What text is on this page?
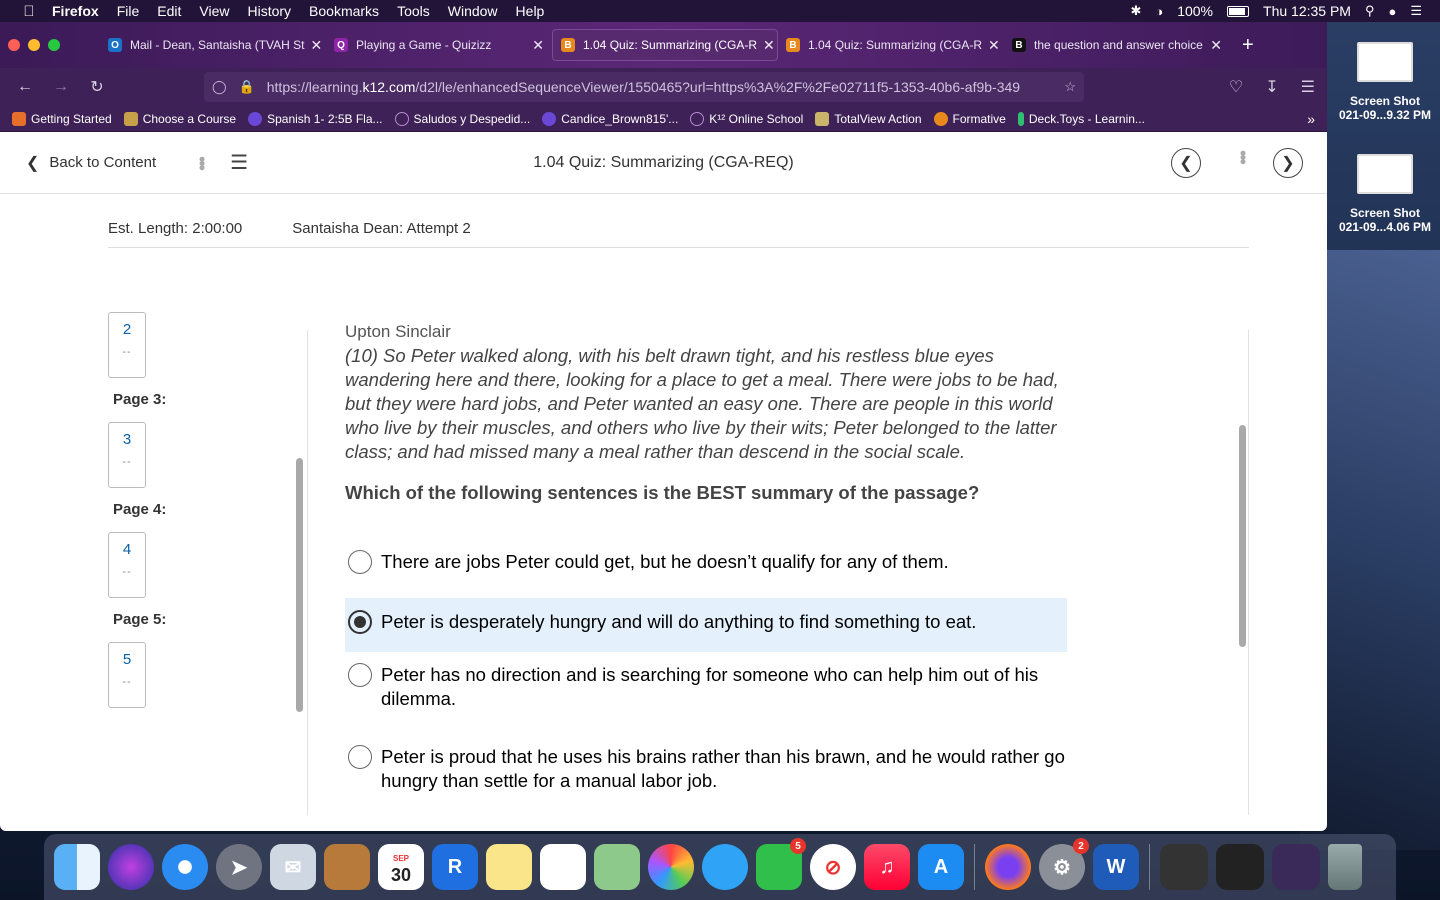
Firefox File Edit View History Bookmarks Tools Window Help	✱ ◑ 100%	Thu 12:35 PM ⚲ ● ☰
O Mail - Dean, Santaisha (TVAH St ✕	Q Playing a Game - Quizizz	✕	B 1.04 Quiz: Summarizing (CGA-R ✕	B 1.04 Quiz: Summarizing (CGA-R ✕	B the question and answer choice ✕ +
←	→	↻	◯ 🔒 https://learning.k12.com/d2l/le/enhancedSequenceViewer/1550465?url=https%3A%2F%2Fe02711f5-1353-40b6-af9b-349	☆	♡ ↧ ☰
Getting Started	Choose a Course	Spanish 1- 2:5B Fla...	Saludos y Despedid...	Candice_Brown815'...	K¹² Online School	TotalView Action	Formative Deck.Toys - Learnin...	»
❮ Back to Content ••• ☰	1.04 Quiz: Summarizing (CGA-REQ)	❮	•••	❯
Est. Length: 2:00:00	Santaisha Dean: Attempt 2
2
--
Page 3:
3
--
Page 4:
4
--
Page 5:
5
--
Upton Sinclair
(10) So Peter walked along, with his belt drawn tight, and his restless blue eyes wandering here and there, looking for a place to get a meal. There were jobs to be had, but they were hard jobs, and Peter wanted an easy one. There are people in this world who live by their muscles, and others who live by their wits; Peter belonged to the latter class; and had missed many a meal rather than descend in the social scale.
Which of the following sentences is the BEST summary of the passage?
There are jobs Peter could get, but he doesn’t qualify for any of them.
Peter is desperately hungry and will do anything to find something to eat.
Peter has no direction and is searching for someone who can help him out of his dilemma.
Peter is proud that he uses his brains rather than his brawn, and he would rather go hungry than settle for a manual labor job.
Screen Shot
021-09...9.32 PM
Screen Shot
021-09...4.06 PM
➤	✉	SEP
30	R
5
⊘	♫	A	⚙
2
W
